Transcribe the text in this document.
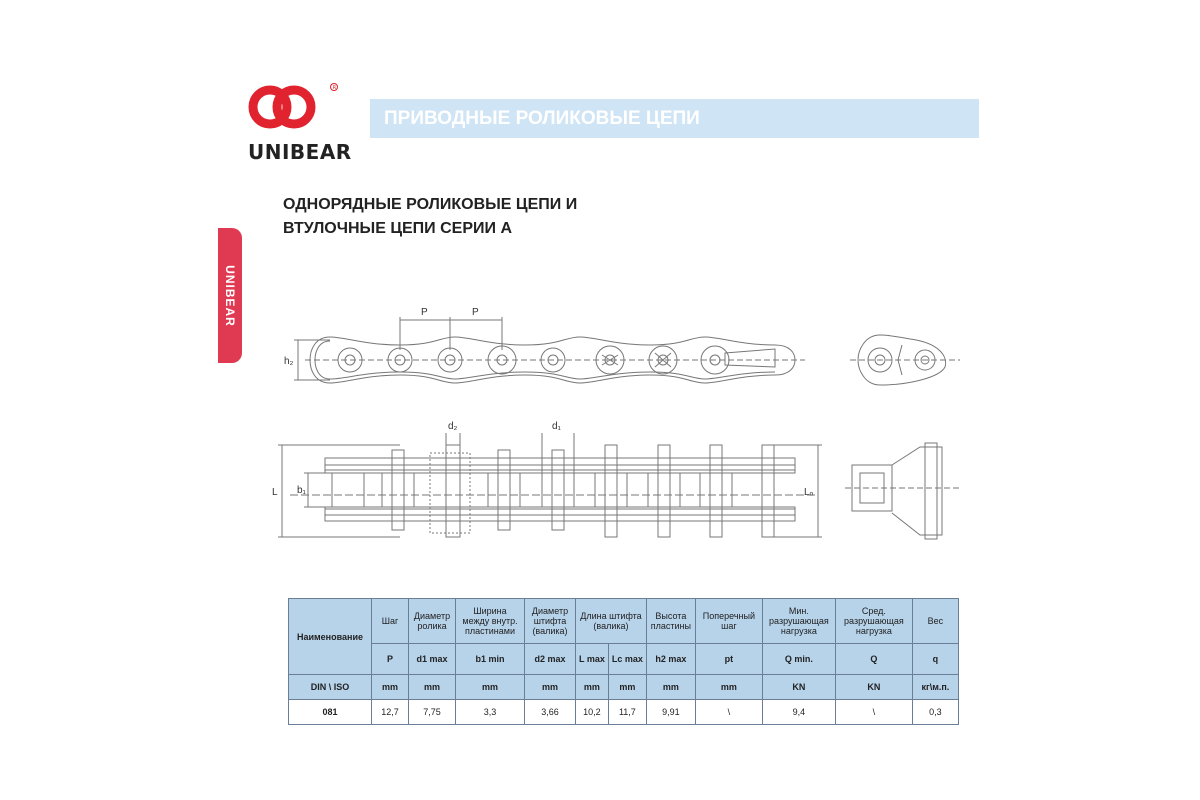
R
UNIBEAR
ПРИВОДНЫЕ РОЛИКОВЫЕ ЦЕПИ
UNIBEAR
ОДНОРЯДНЫЕ РОЛИКОВЫЕ ЦЕПИ И
ВТУЛОЧНЫЕ ЦЕПИ СЕРИИ А
P	P
h₂
d₂	d₁
L b₁	Lₒ
Наименование	Шаг	Диаметр ролика	Ширина между внутр. пластинами	Диаметр штифта (валика)	Длина штифта (валика)		Высота пластины	Поперечный шаг	Мин. разрушающая нагрузка	Сред. разрушающая нагрузка	Вес
	P	d1 max	b1 min	d2 max	L max	Lc max	h2 max	pt	Q min.	Q	q
DIN \ ISO	mm	mm	mm	mm	mm	mm	mm	mm	KN	KN	кг\м.п.
081	12,7	7,75	3,3	3,66	10,2	11,7	9,91	\	9,4	\	0,3
